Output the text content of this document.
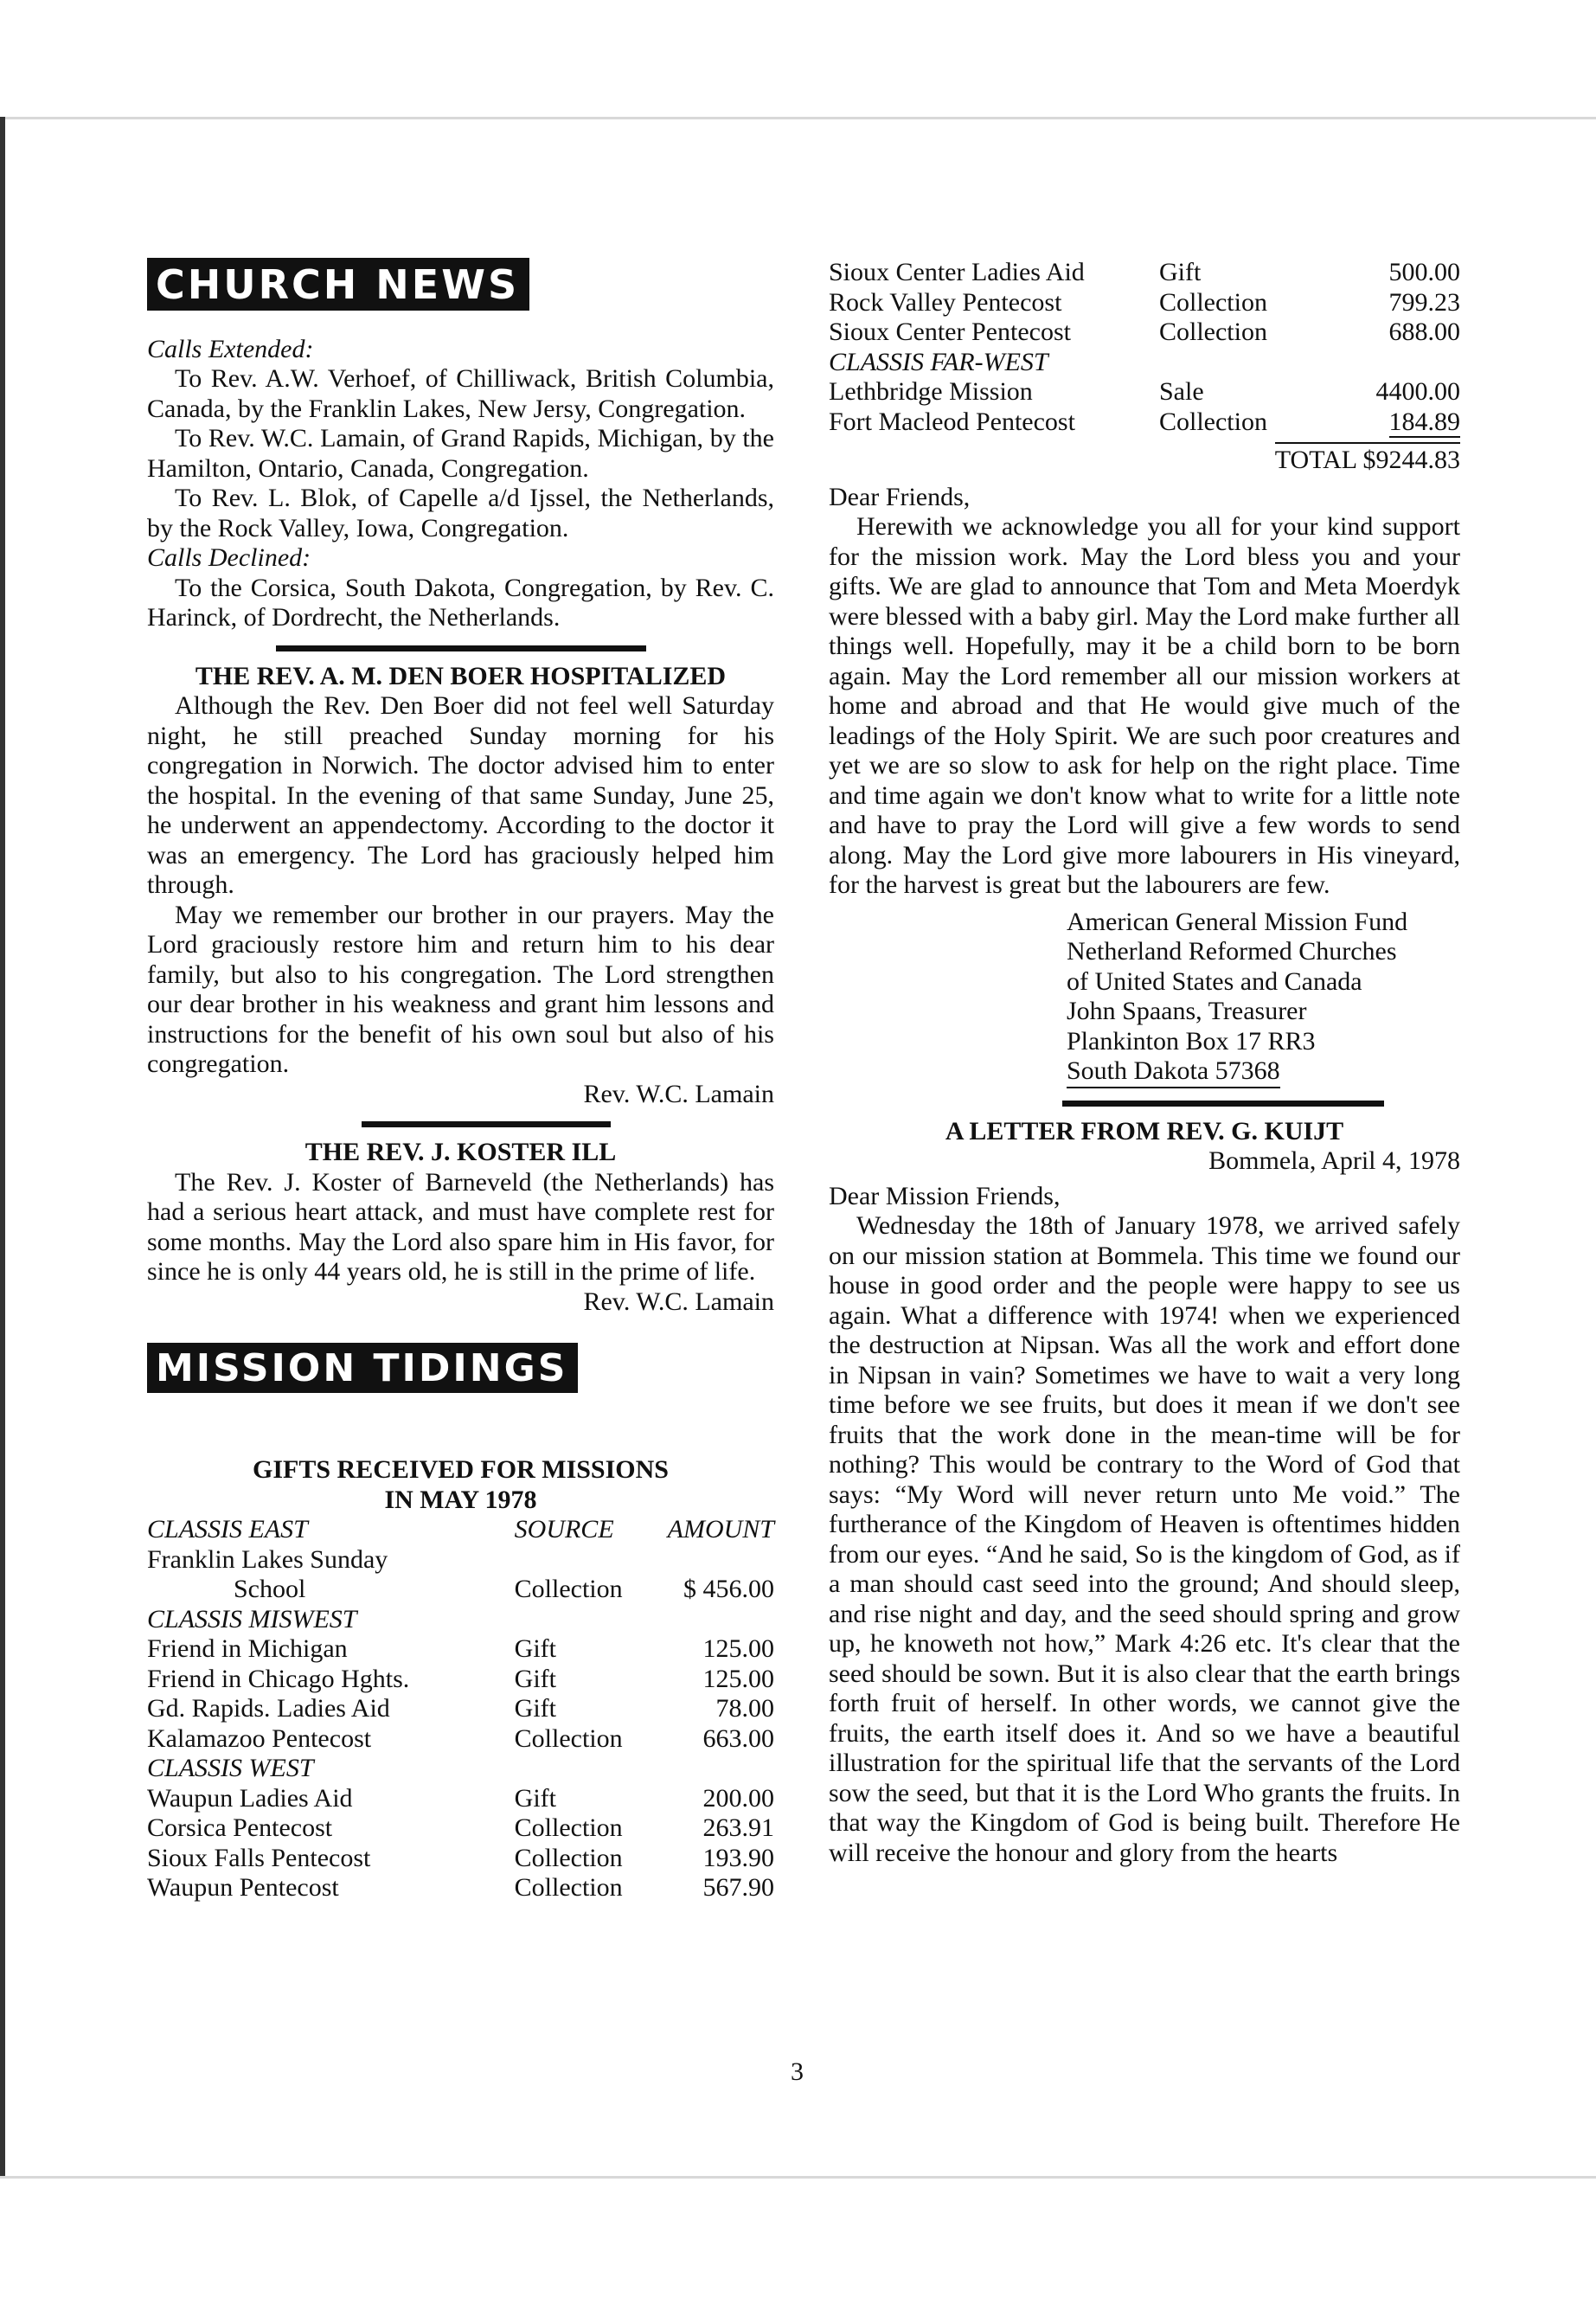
CHURCH NEWS

Calls Extended:

To Rev. A.W. Verhoef, of Chilliwack, British Columbia, Canada, by the Franklin Lakes, New Jersy, Congregation.

To Rev. W.C. Lamain, of Grand Rapids, Michigan, by the Hamilton, Ontario, Canada, Congregation.

To Rev. L. Blok, of Capelle a/d Ijssel, the Netherlands, by the Rock Valley, Iowa, Congregation.

Calls Declined:

To the Corsica, South Dakota, Congregation, by Rev. C. Harinck, of Dordrecht, the Netherlands.

THE REV. A. M. DEN BOER HOSPITALIZED

Although the Rev. Den Boer did not feel well Saturday night, he still preached Sunday morning for his congregation in Norwich. The doctor advised him to enter the hospital. In the evening of that same Sunday, June 25, he underwent an appendectomy. According to the doctor it was an emergency. The Lord has graciously helped him through.

May we remember our brother in our prayers. May the Lord graciously restore him and return him to his dear family, but also to his congregation. The Lord strengthen our dear brother in his weakness and grant him lessons and instructions for the benefit of his own soul but also of his congregation.

Rev. W.C. Lamain

THE REV. J. KOSTER ILL

The Rev. J. Koster of Barneveld (the Netherlands) has had a serious heart attack, and must have complete rest for some months. May the Lord also spare him in His favor, for since he is only 44 years old, he is still in the prime of life.

Rev. W.C. Lamain

MISSION TIDINGS

GIFTS RECEIVED FOR MISSIONS

IN MAY 1978

CLASSIS EAST	SOURCE	AMOUNT
Franklin Lakes Sunday		
School	Collection	$ 456.00
CLASSIS MISWEST		
Friend in Michigan	Gift	125.00
Friend in Chicago Hghts.	Gift	125.00
Gd. Rapids. Ladies Aid	Gift	78.00
Kalamazoo Pentecost	Collection	663.00
CLASSIS WEST		
Waupun Ladies Aid	Gift	200.00
Corsica Pentecost	Collection	263.91
Sioux Falls Pentecost	Collection	193.90
Waupun Pentecost	Collection	567.90
Sioux Center Ladies Aid	Gift	500.00
Rock Valley Pentecost	Collection	799.23
Sioux Center Pentecost	Collection	688.00
CLASSIS FAR-WEST		
Lethbridge Mission	Sale	4400.00
Fort Macleod Pentecost	Collection	184.89
TOTAL $9244.83

Dear Friends,

Herewith we acknowledge you all for your kind support for the mission work. May the Lord bless you and your gifts. We are glad to announce that Tom and Meta Moerdyk were blessed with a baby girl. May the Lord make further all things well. Hopefully, may it be a child born to be born again. May the Lord remember all our mission workers at home and abroad and that He would give much of the leadings of the Holy Spirit. We are such poor creatures and yet we are so slow to ask for help on the right place. Time and time again we don't know what to write for a little note and have to pray the Lord will give a few words to send along. May the Lord give more labourers in His vineyard, for the harvest is great but the labourers are few.

American General Mission Fund
Netherland Reformed Churches
of United States and Canada
John Spaans, Treasurer
Plankinton Box 17 RR3
South Dakota 57368

A LETTER FROM REV. G. KUIJT

Bommela, April 4, 1978

Dear Mission Friends,

Wednesday the 18th of January 1978, we arrived safely on our mission station at Bommela. This time we found our house in good order and the people were happy to see us again. What a difference with 1974! when we experienced the destruction at Nipsan. Was all the work and effort done in Nipsan in vain? Sometimes we have to wait a very long time before we see fruits, but does it mean if we don't see fruits that the work done in the mean-time will be for nothing? This would be contrary to the Word of God that says: “My Word will never return unto Me void.” The furtherance of the Kingdom of Heaven is oftentimes hidden from our eyes. “And he said, So is the kingdom of God, as if a man should cast seed into the ground; And should sleep, and rise night and day, and the seed should spring and grow up, he knoweth not how,” Mark 4:26 etc. It's clear that the seed should be sown. But it is also clear that the earth brings forth fruit of herself. In other words, we cannot give the fruits, the earth itself does it. And so we have a beautiful illustration for the spiritual life that the servants of the Lord sow the seed, but that it is the Lord Who grants the fruits. In that way the Kingdom of God is being built. Therefore He will receive the honour and glory from the hearts

3
